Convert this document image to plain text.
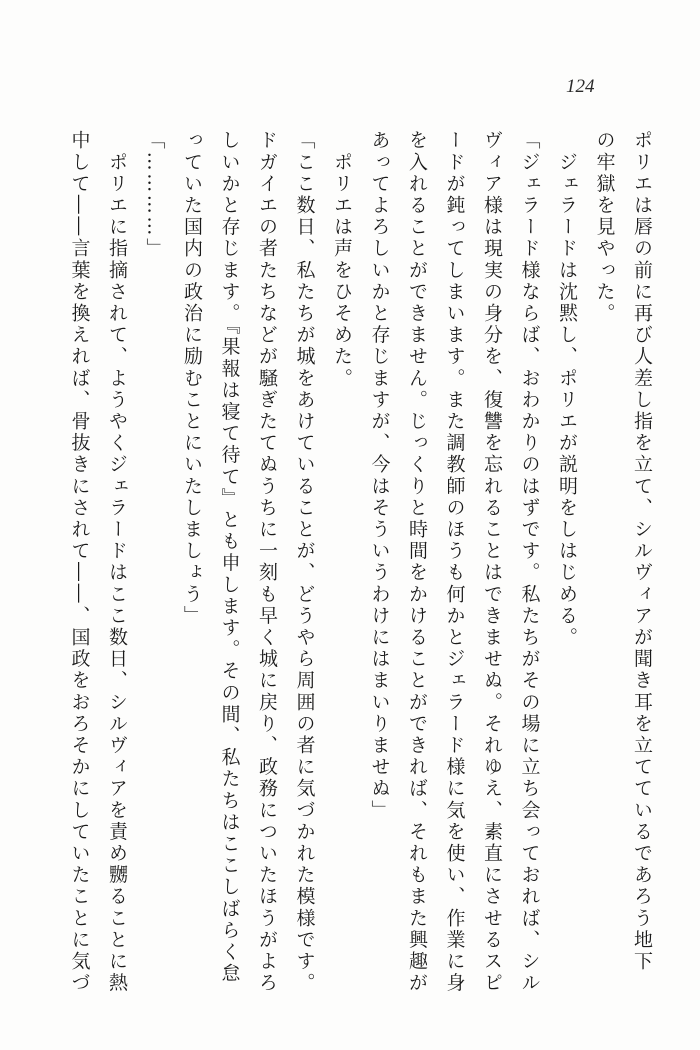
124
ポリエは唇の前に再び人差し指を立て、シルヴィアが聞き耳を立てているであろう地下
の牢獄を見やった。
　ジェラードは沈黙し、ポリエが説明をしはじめる。
「ジェラード様ならば、おわかりのはずです。私たちがその場に立ち会っておれば、シル
ヴィア様は現実の身分を、復讐を忘れることはできませぬ。それゆえ、素直にさせるスピ
ードが鈍ってしまいます。また調教師のほうも何かとジェラード様に気を使い、作業に身
を入れることができません。じっくりと時間をかけることができれば、それもまた興趣が
あってよろしいかと存じますが、今はそういうわけにはまいりませぬ」
　ポリエは声をひそめた。
「ここ数日、私たちが城をあけていることが、どうやら周囲の者に気づかれた模様です。
ドガイエの者たちなどが騒ぎたてぬうちに一刻も早く城に戻り、政務についたほうがよろ
しいかと存じます。『果報は寝て待て』とも申します。その間、私たちはここしばらく怠
っていた国内の政治に励むことにいたしましょう」
「…………」
　ポリエに指摘されて、ようやくジェラードはここ数日、シルヴィアを責め嬲ることに熱
中して――言葉を換えれば、骨抜きにされて――、国政をおろそかにしていたことに気づ
